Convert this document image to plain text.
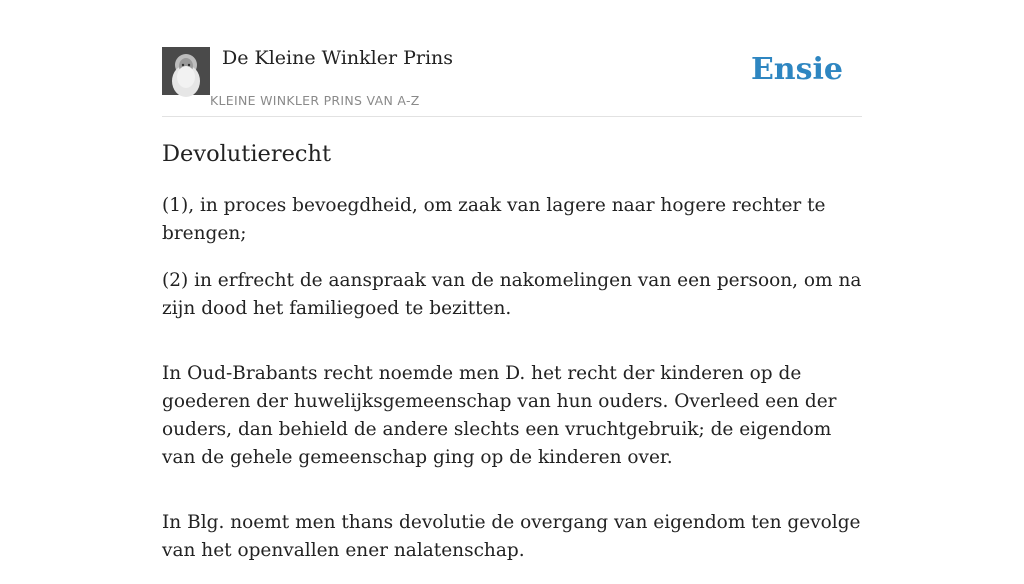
De Kleine Winkler Prins
KLEINE WINKLER PRINS VAN A-Z
Ensie
Devolutierecht

(1), in proces bevoegdheid, om zaak van lagere naar hogere rechter te brengen;

(2) in erfrecht de aanspraak van de nakomelingen van een persoon, om na zijn dood het familiegoed te bezitten.

In Oud-Brabants recht noemde men D. het recht der kinderen op de goederen der huwelijksgemeenschap van hun ouders. Overleed een der ouders, dan behield de andere slechts een vruchtgebruik; de eigendom van de gehele gemeenschap ging op de kinderen over.

In Blg. noemt men thans devolutie de overgang van eigendom ten gevolge van het openvallen ener nalatenschap.
